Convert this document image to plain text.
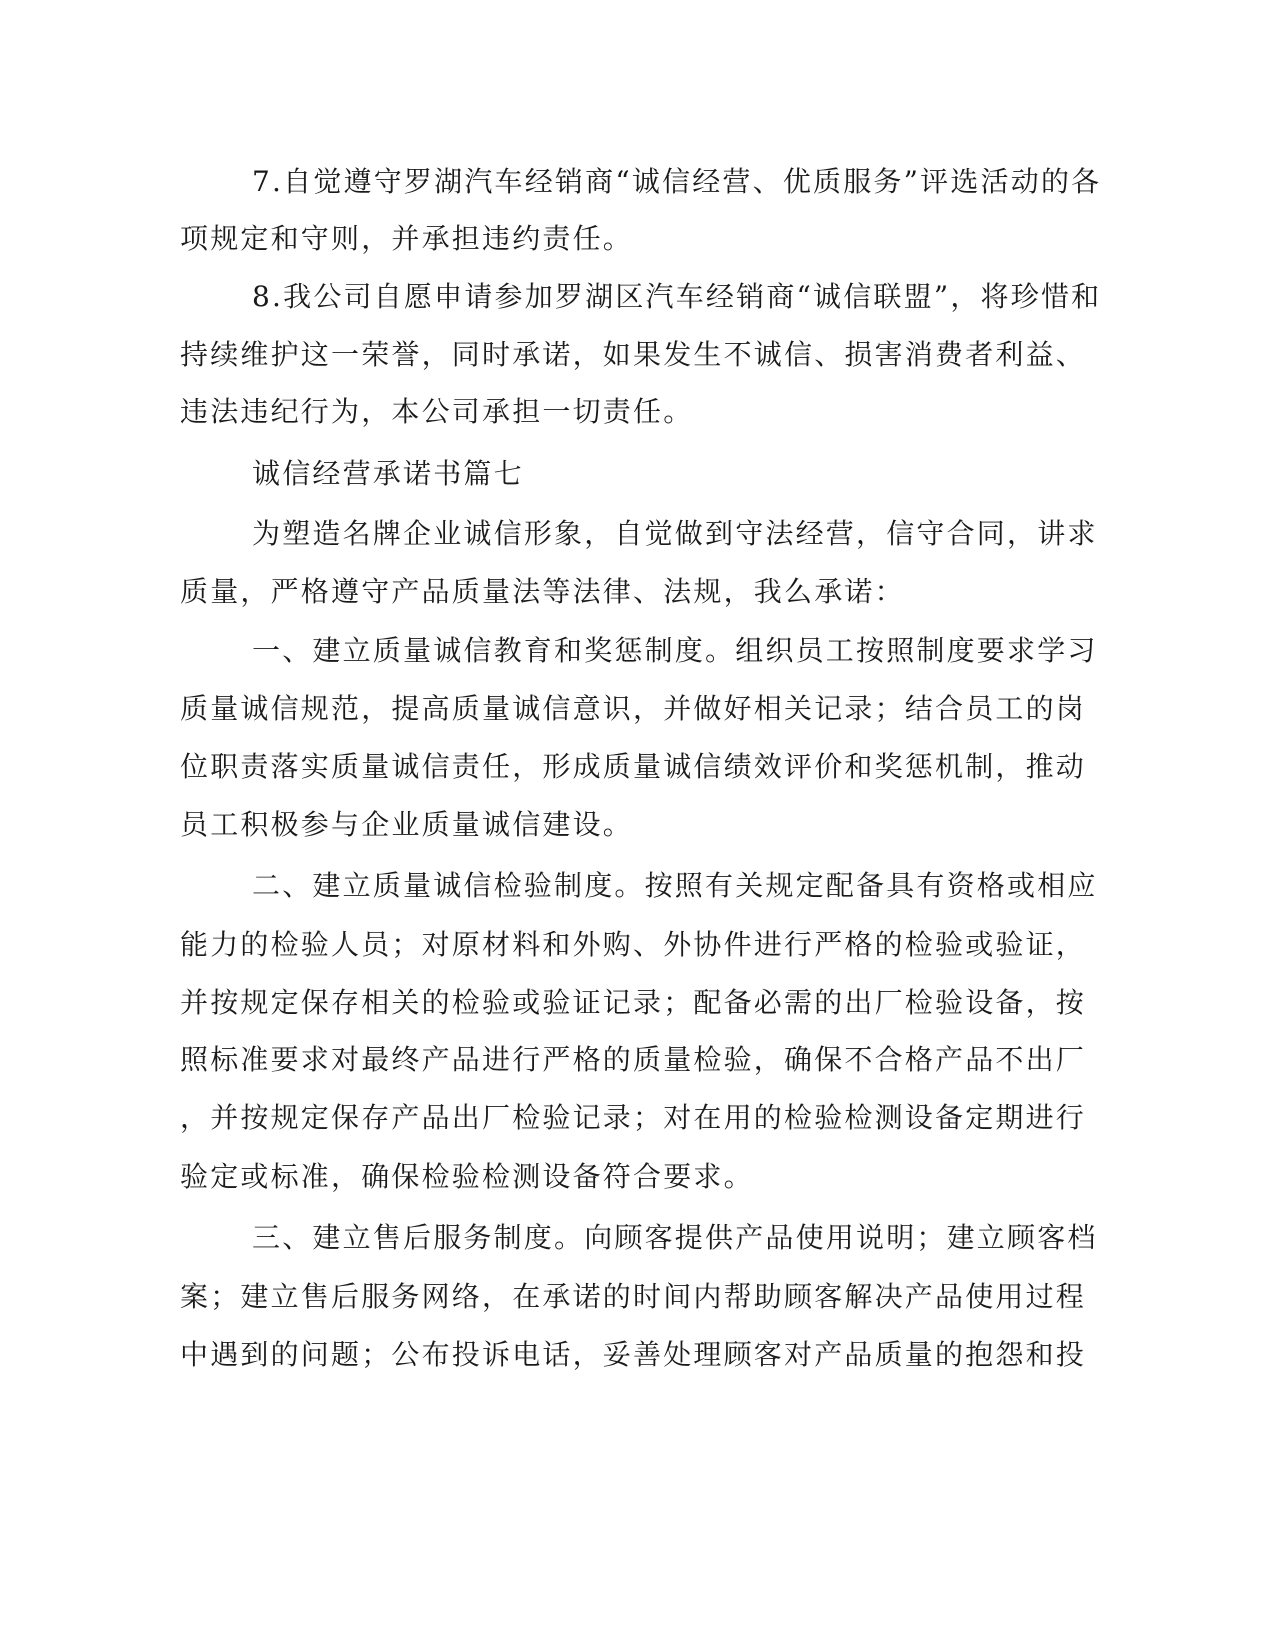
7.自觉遵守罗湖汽车经销商“诚信经营、优质服务”评选活动的各
项规定和守则，并承担违约责任。
8.我公司自愿申请参加罗湖区汽车经销商“诚信联盟”，将珍惜和
持续维护这一荣誉，同时承诺，如果发生不诚信、损害消费者利益、
违法违纪行为，本公司承担一切责任。
诚信经营承诺书篇七
为塑造名牌企业诚信形象，自觉做到守法经营，信守合同，讲求
质量，严格遵守产品质量法等法律、法规，我么承诺：
一、建立质量诚信教育和奖惩制度。组织员工按照制度要求学习
质量诚信规范，提高质量诚信意识，并做好相关记录；结合员工的岗
位职责落实质量诚信责任，形成质量诚信绩效评价和奖惩机制，推动
员工积极参与企业质量诚信建设。
二、建立质量诚信检验制度。按照有关规定配备具有资格或相应
能力的检验人员；对原材料和外购、外协件进行严格的检验或验证，
并按规定保存相关的检验或验证记录；配备必需的出厂检验设备，按
照标准要求对最终产品进行严格的质量检验，确保不合格产品不出厂
，并按规定保存产品出厂检验记录；对在用的检验检测设备定期进行
验定或标准，确保检验检测设备符合要求。
三、建立售后服务制度。向顾客提供产品使用说明；建立顾客档
案；建立售后服务网络，在承诺的时间内帮助顾客解决产品使用过程
中遇到的问题；公布投诉电话，妥善处理顾客对产品质量的抱怨和投
